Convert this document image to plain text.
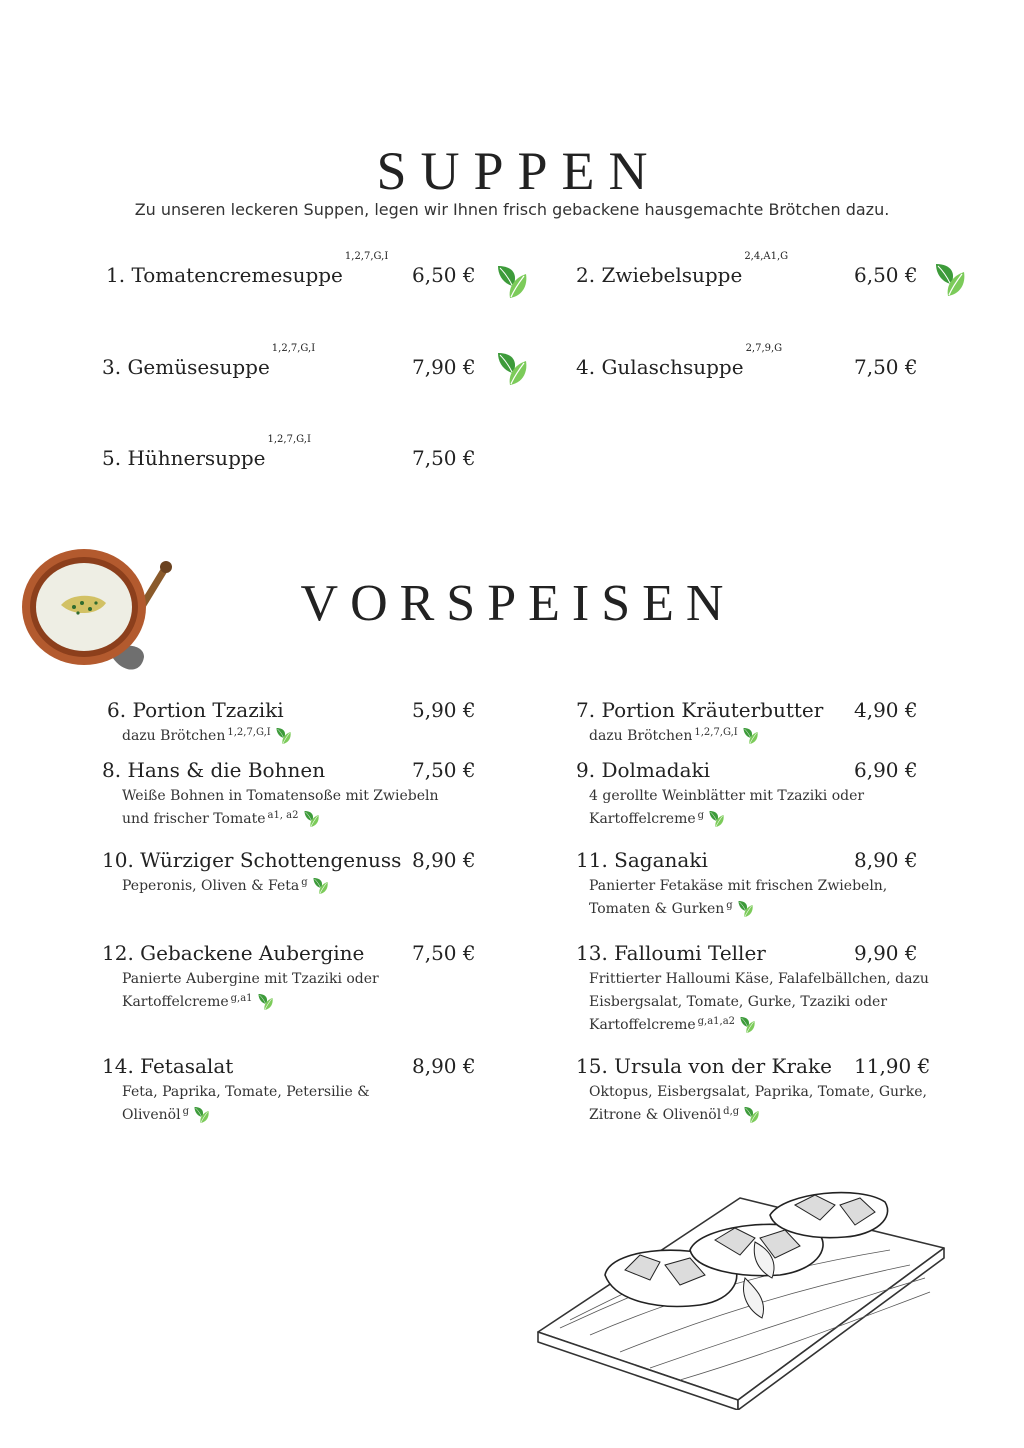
SUPPEN
Zu unseren leckeren Suppen, legen wir Ihnen frisch gebackene hausgemachte Brötchen dazu.
1. Tomatencremesuppe$^{1,2,7,G,I}$
6,50 €	2. Zwiebelsuppe$^{2,4,A1,G}$
6,50 €
3. Gemüsesuppe$^{1,2,7,G,I}$
7,90 €	4. Gulaschsuppe$^{2,7,9,G}$
7,50 €
5. Hühnersuppe$^{1,2,7,G,I}$
7,50 €
VORSPEISEN
6. Portion Tzaziki	5,90 €
dazu Brötchen $^{1,2,7,G,I}$
7. Portion Kräuterbutter 4,90 €
dazu Brötchen $^{1,2,7,G,I}$
8. Hans & die Bohnen	7,50 €
Weiße Bohnen in Tomatensoße mit Zwiebeln
und frischer Tomate $^{a1, a2}$
9. Dolmadaki	6,90 €
4 gerollte Weinblätter mit Tzaziki oder
Kartoffelcreme $^g$
10. Würziger Schottengenuss 8,90 €
Peperonis, Oliven & Feta $^g$
11. Saganaki	8,90 €
Panierter Fetakäse mit frischen Zwiebeln,
Tomaten & Gurken $^g$
12. Gebackene Aubergine 7,50 €
Panierte Aubergine mit Tzaziki oder
Kartoffelcreme $^{g,a1}$
13. Falloumi Teller	9,90 €
Frittierter Halloumi Käse, Falafelbällchen, dazu
Eisbergsalat, Tomate, Gurke, Tzaziki oder
Kartoffelcreme $^{g,a1,a2}$
14. Fetasalat	8,90 €
Feta, Paprika, Tomate, Petersilie &
Olivenöl $^g$
15. Ursula von der Krake 11,90 €
Oktopus, Eisbergsalat, Paprika, Tomate, Gurke,
Zitrone & Olivenöl $^{d,g}$
